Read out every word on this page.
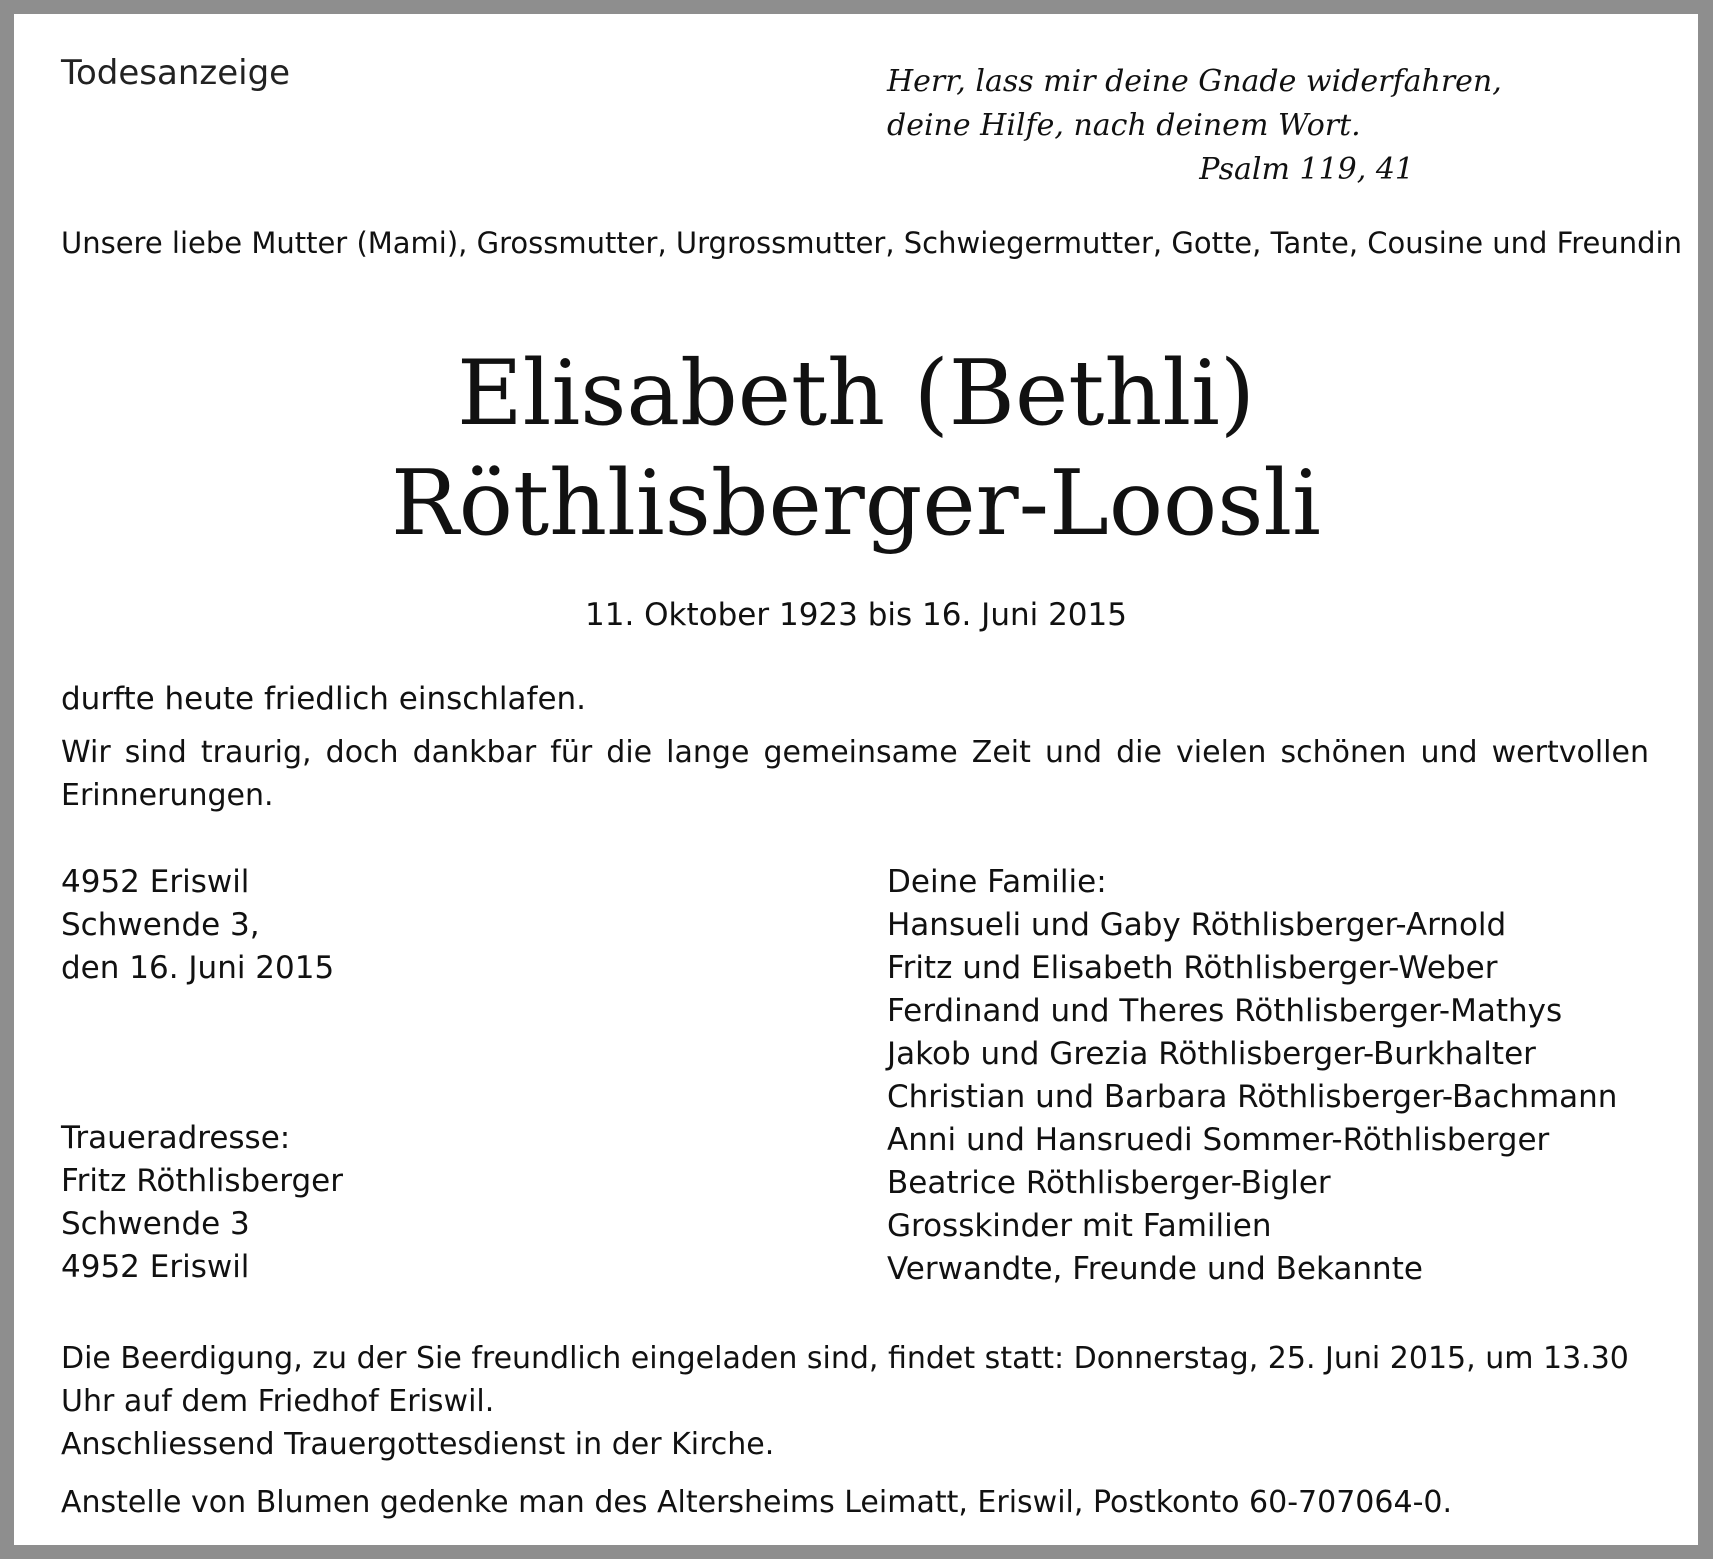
Todesanzeige	Herr, lass mir deine Gnade widerfahren,
deine Hilfe, nach deinem Wort.

Psalm 119, 41

Unsere liebe Mutter (Mami), Grossmutter, Urgrossmutter, Schwiegermutter, Gotte, Tante, Cousine und Freundin

Elisabeth (Bethli)

Röthlisberger-Loosli

11. Oktober 1923 bis 16. Juni 2015

durfte heute friedlich einschlafen.

Wir sind traurig, doch dankbar für die lange gemeinsame Zeit und die vielen schönen und wertvollen Erinnerungen.

4952 Eriswil
Schwende 3,
den 16. Juni 2015
Traueradresse:
Fritz Röthlisberger
Schwende 3
4952 Eriswil
Deine Familie:
Hansueli und Gaby Röthlisberger-Arnold
Fritz und Elisabeth Röthlisberger-Weber
Ferdinand und Theres Röthlisberger-Mathys
Jakob und Grezia Röthlisberger-Burkhalter
Christian und Barbara Röthlisberger-Bachmann
Anni und Hansruedi Sommer-Röthlisberger
Beatrice Röthlisberger-Bigler
Grosskinder mit Familien
Verwandte, Freunde und Bekannte

Die Beerdigung, zu der Sie freundlich eingeladen sind, findet statt: Donnerstag, 25. Juni 2015, um 13.30 Uhr auf dem Friedhof Eriswil.

Anschliessend Trauergottesdienst in der Kirche.

Anstelle von Blumen gedenke man des Altersheims Leimatt, Eriswil, Postkonto 60-707064-0.
